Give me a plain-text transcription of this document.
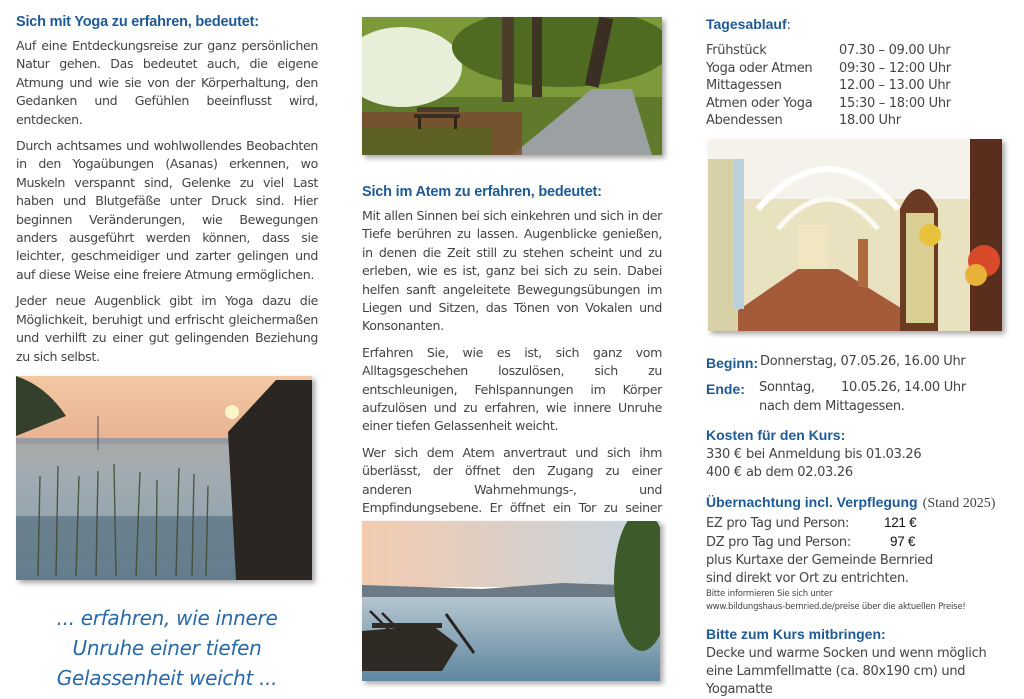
Sich mit Yoga zu erfahren, bedeutet:

Auf eine Entdeckungsreise zur ganz persönlichen Natur gehen. Das bedeutet auch, die eigene Atmung und wie sie von der Körperhaltung, den Gedanken und Gefühlen beeinflusst wird, entdecken.

Durch achtsames und wohlwollendes Beobachten in den Yogaübungen (Asanas) erkennen, wo Muskeln verspannt sind, Gelenke zu viel Last haben und Blutgefäße unter Druck sind. Hier beginnen Veränderungen, wie Bewegungen anders ausgeführt werden können, dass sie leichter, geschmeidiger und zarter gelingen und auf diese Weise eine freiere Atmung ermöglichen.

Jeder neue Augenblick gibt im Yoga dazu die Möglichkeit, beruhigt und erfrischt gleichermaßen und verhilft zu einer gut gelingenden Beziehung zu sich selbst.

... erfahren, wie innere
Unruhe einer tiefen
Gelassenheit weicht ...
Sich im Atem zu erfahren, bedeutet:

Mit allen Sinnen bei sich einkehren und sich in der Tiefe berühren zu lassen. Augenblicke genießen, in denen die Zeit still zu stehen scheint und zu erleben, wie es ist, ganz bei sich zu sein. Dabei helfen sanft angeleitete Bewegungsübungen im Liegen und Sitzen, das Tönen von Vokalen und Konsonanten.

Erfahren Sie, wie es ist, sich ganz vom Alltagsgeschehen loszulösen, sich zu entschleunigen, Fehlspannungen im Körper aufzulösen und zu erfahren, wie innere Unruhe einer tiefen Gelassenheit weicht.

Wer sich dem Atem anvertraut und sich ihm überlässt, der öffnet den Zugang zu einer anderen Wahrnehmungs-, und Empfindungsebene. Er öffnet ein Tor zu seiner

Tagesablauf:
Frühstück	07.30 – 09.00 Uhr
Yoga oder Atmen	09:30 – 12:00 Uhr
Mittagessen	12.00 – 13.00 Uhr
Atmen oder Yoga	15:30 – 18:00 Uhr
Abendessen	18.00 Uhr
Beginn: Donnerstag, 07.05.26, 16.00 Uhr
Ende:	Sonntag,	10.05.26, 14.00 Uhr
nach dem Mittagessen.
Kosten für den Kurs:
330 € bei Anmeldung bis 01.03.26
400 € ab dem 02.03.26
Übernachtung incl. Verpflegung (Stand 2025)
EZ pro Tag und Person:	121 €
DZ pro Tag und Person:	97 €
plus Kurtaxe der Gemeinde Bernried
sind direkt vor Ort zu entrichten.
Bitte informieren Sie sich unter
www.bildungshaus-bernried.de/preise über die aktuellen Preise!
Bitte zum Kurs mitbringen:
Decke und warme Socken und wenn möglich
eine Lammfellmatte (ca. 80x190 cm) und Yogamatte
